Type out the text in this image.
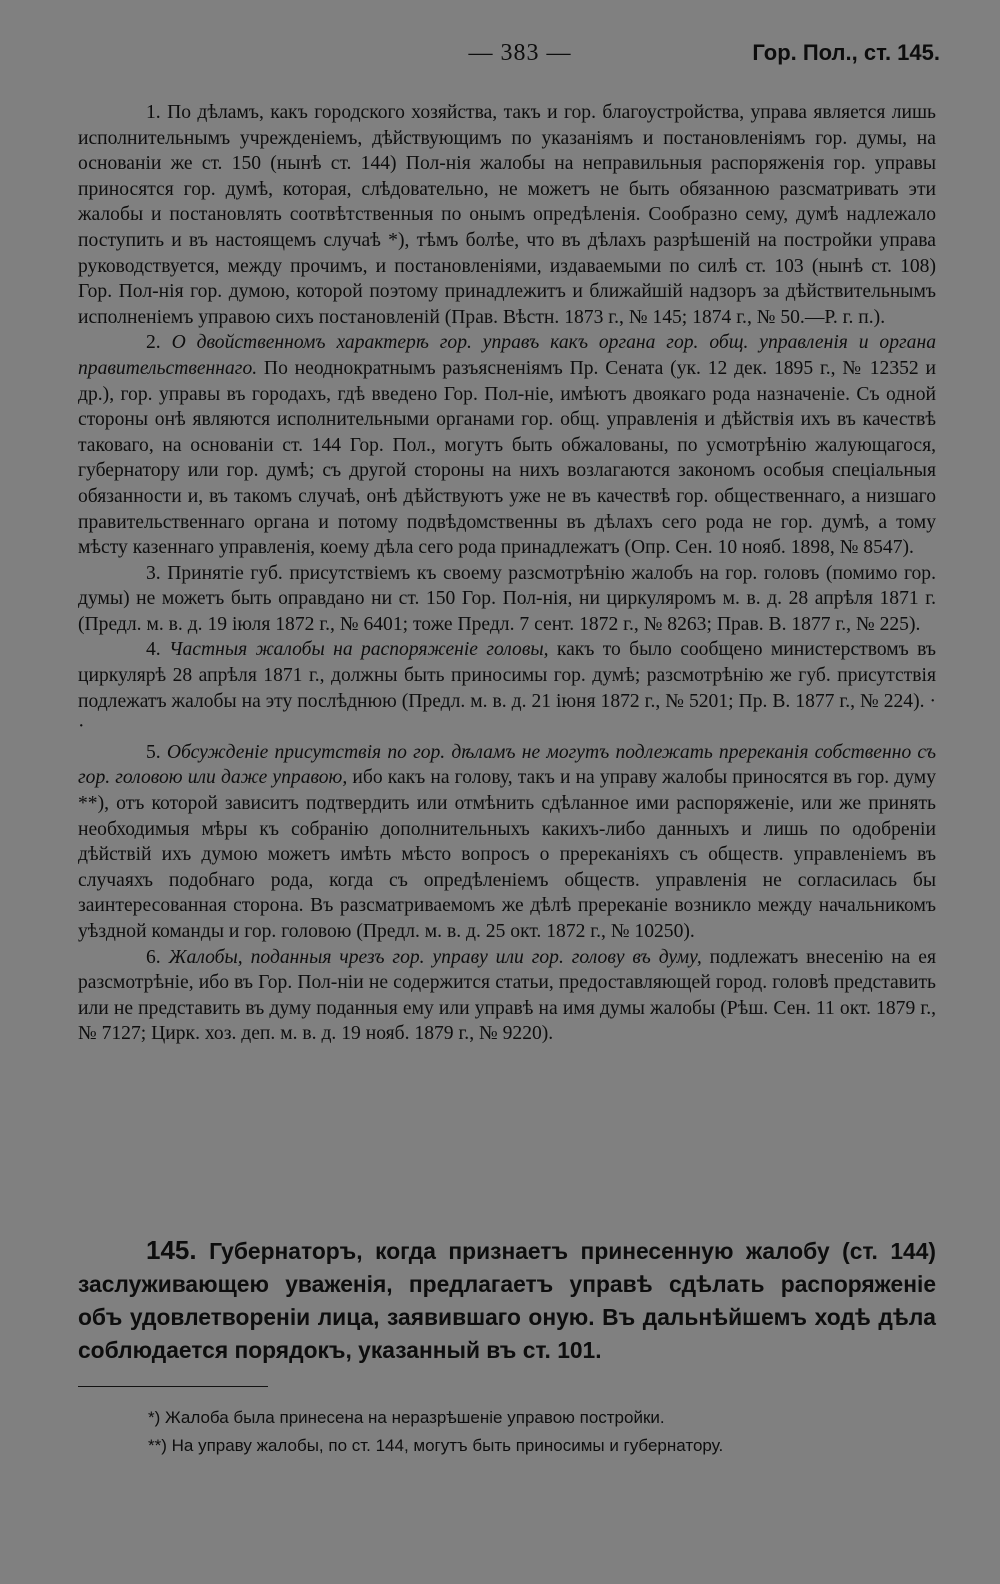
— 383 —	Гор. Пол., ст. 145.

1. По дѣламъ, какъ городского хозяйства, такъ и гор. благоустройства, управа является лишь исполнительнымъ учрежденіемъ, дѣйствующимъ по указаніямъ и постановленіямъ гор. думы, на основаніи же ст. 150 (нынѣ ст. 144) Пол-нія жалобы на неправильныя распоряженія гор. управы приносятся гор. думѣ, которая, слѣдовательно, не можетъ не быть обязанною разсматривать эти жалобы и постановлять соотвѣтственныя по онымъ опредѣленія. Сообразно сему, думѣ надлежало поступить и въ настоящемъ случаѣ *), тѣмъ болѣе, что въ дѣлахъ разрѣшеній на постройки управа руководствуется, между прочимъ, и постановленіями, издаваемыми по силѣ ст. 103 (нынѣ ст. 108) Гор. Пол-нія гор. думою, которой поэтому принадлежитъ и ближайшій надзоръ за дѣйствительнымъ исполненіемъ управою сихъ постановленій (Прав. Вѣстн. 1873 г., № 145; 1874 г., № 50.—Р. г. п.).

2. О двойственномъ характерѣ гор. управъ какъ органа гор. общ. управленія и органа правительственнаго. По неоднократнымъ разъясненіямъ Пр. Сената (ук. 12 дек. 1895 г., № 12352 и др.), гор. управы въ городахъ, гдѣ введено Гор. Пол-ніе, имѣютъ двоякаго рода назначеніе. Съ одной стороны онѣ являются исполнительными органами гор. общ. управленія и дѣйствія ихъ въ качествѣ таковаго, на основаніи ст. 144 Гор. Пол., могутъ быть обжалованы, по усмотрѣнію жалующагося, губернатору или гор. думѣ; съ другой стороны на нихъ возлагаются закономъ особыя спеціальныя обязанности и, въ такомъ случаѣ, онѣ дѣйствуютъ уже не въ качествѣ гор. общественнаго, а низшаго правительственнаго органа и потому подвѣдомственны въ дѣлахъ сего рода не гор. думѣ, а тому мѣсту казеннаго управленія, коему дѣла сего рода принадлежатъ (Опр. Сен. 10 нояб. 1898, № 8547).

3. Принятіе губ. присутствіемъ къ своему разсмотрѣнію жалобъ на гор. головъ (помимо гор. думы) не можетъ быть оправдано ни ст. 150 Гор. Пол-нія, ни циркуляромъ м. в. д. 28 апрѣля 1871 г. (Предл. м. в. д. 19 іюля 1872 г., № 6401; тоже Предл. 7 сент. 1872 г., № 8263; Прав. В. 1877 г., № 225).

4. Частныя жалобы на распоряженіе головы, какъ то было сообщено министерствомъ въ циркулярѣ 28 апрѣля 1871 г., должны быть приносимы гор. думѣ; разсмотрѣнію же губ. присутствія подлежатъ жалобы на эту послѣднюю (Предл. м. в. д. 21 іюня 1872 г., № 5201; Пр. В. 1877 г., № 224). · ·

5. Обсужденіе присутствія по гор. дѣламъ не могутъ подлежать пререканія собственно съ гор. головою или даже управою, ибо какъ на голову, такъ и на управу жалобы приносятся въ гор. думу **), отъ которой зависитъ подтвердить или отмѣнить сдѣланное ими распоряженіе, или же принять необходимыя мѣры къ собранію дополнительныхъ какихъ-либо данныхъ и лишь по одобреніи дѣйствій ихъ думою можетъ имѣть мѣсто вопросъ о пререканіяхъ съ обществ. управленіемъ въ случаяхъ подобнаго рода, когда съ опредѣленіемъ обществ. управленія не согласилась бы заинтересованная сторона. Въ разсматриваемомъ же дѣлѣ пререканіе возникло между начальникомъ уѣздной команды и гор. головою (Предл. м. в. д. 25 окт. 1872 г., № 10250).

6. Жалобы, поданныя чрезъ гор. управу или гор. голову въ думу, подлежатъ внесенію на ея разсмотрѣніе, ибо въ Гор. Пол-ніи не содержится статьи, предоставляющей город. головѣ представить или не представить въ думу поданныя ему или управѣ на имя думы жалобы (Рѣш. Сен. 11 окт. 1879 г., № 7127; Цирк. хоз. деп. м. в. д. 19 нояб. 1879 г., № 9220).

145. Губернаторъ, когда признаетъ принесенную жалобу (ст. 144) заслуживающею уваженія, предлагаетъ управѣ сдѣлать распоряженіе объ удовлетвореніи лица, заявившаго оную. Въ дальнѣйшемъ ходѣ дѣла соблюдается порядокъ, указанный въ ст. 101.

*) Жалоба была принесена на неразрѣшеніе управою постройки.

**) На управу жалобы, по ст. 144, могутъ быть приносимы и губернатору.
